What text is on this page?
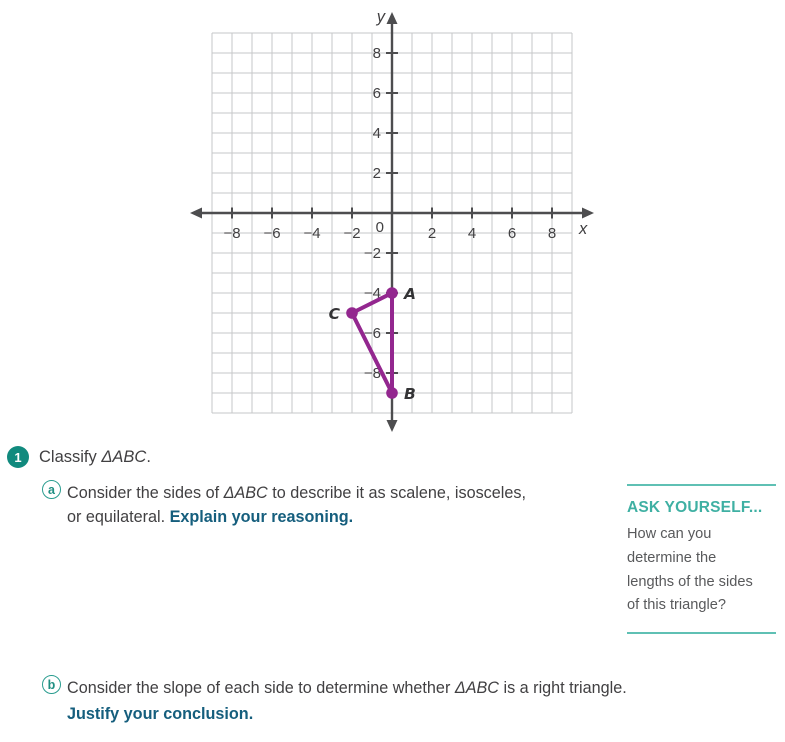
−8 −6 −4 −2	2 4 6 8
8
6
4
2
−2
−4
−6
−8
0
y
x
A
B
C
1	Classify ΔABC.
a Consider the sides of ΔABC to describe it as scalene, isosceles,
or equilateral. Explain your reasoning.	ASK YOURSELF...
How can you
determine the
lengths of the sides
of this triangle?
b Consider the slope of each side to determine whether ΔABC is a right triangle.
Justify your conclusion.
